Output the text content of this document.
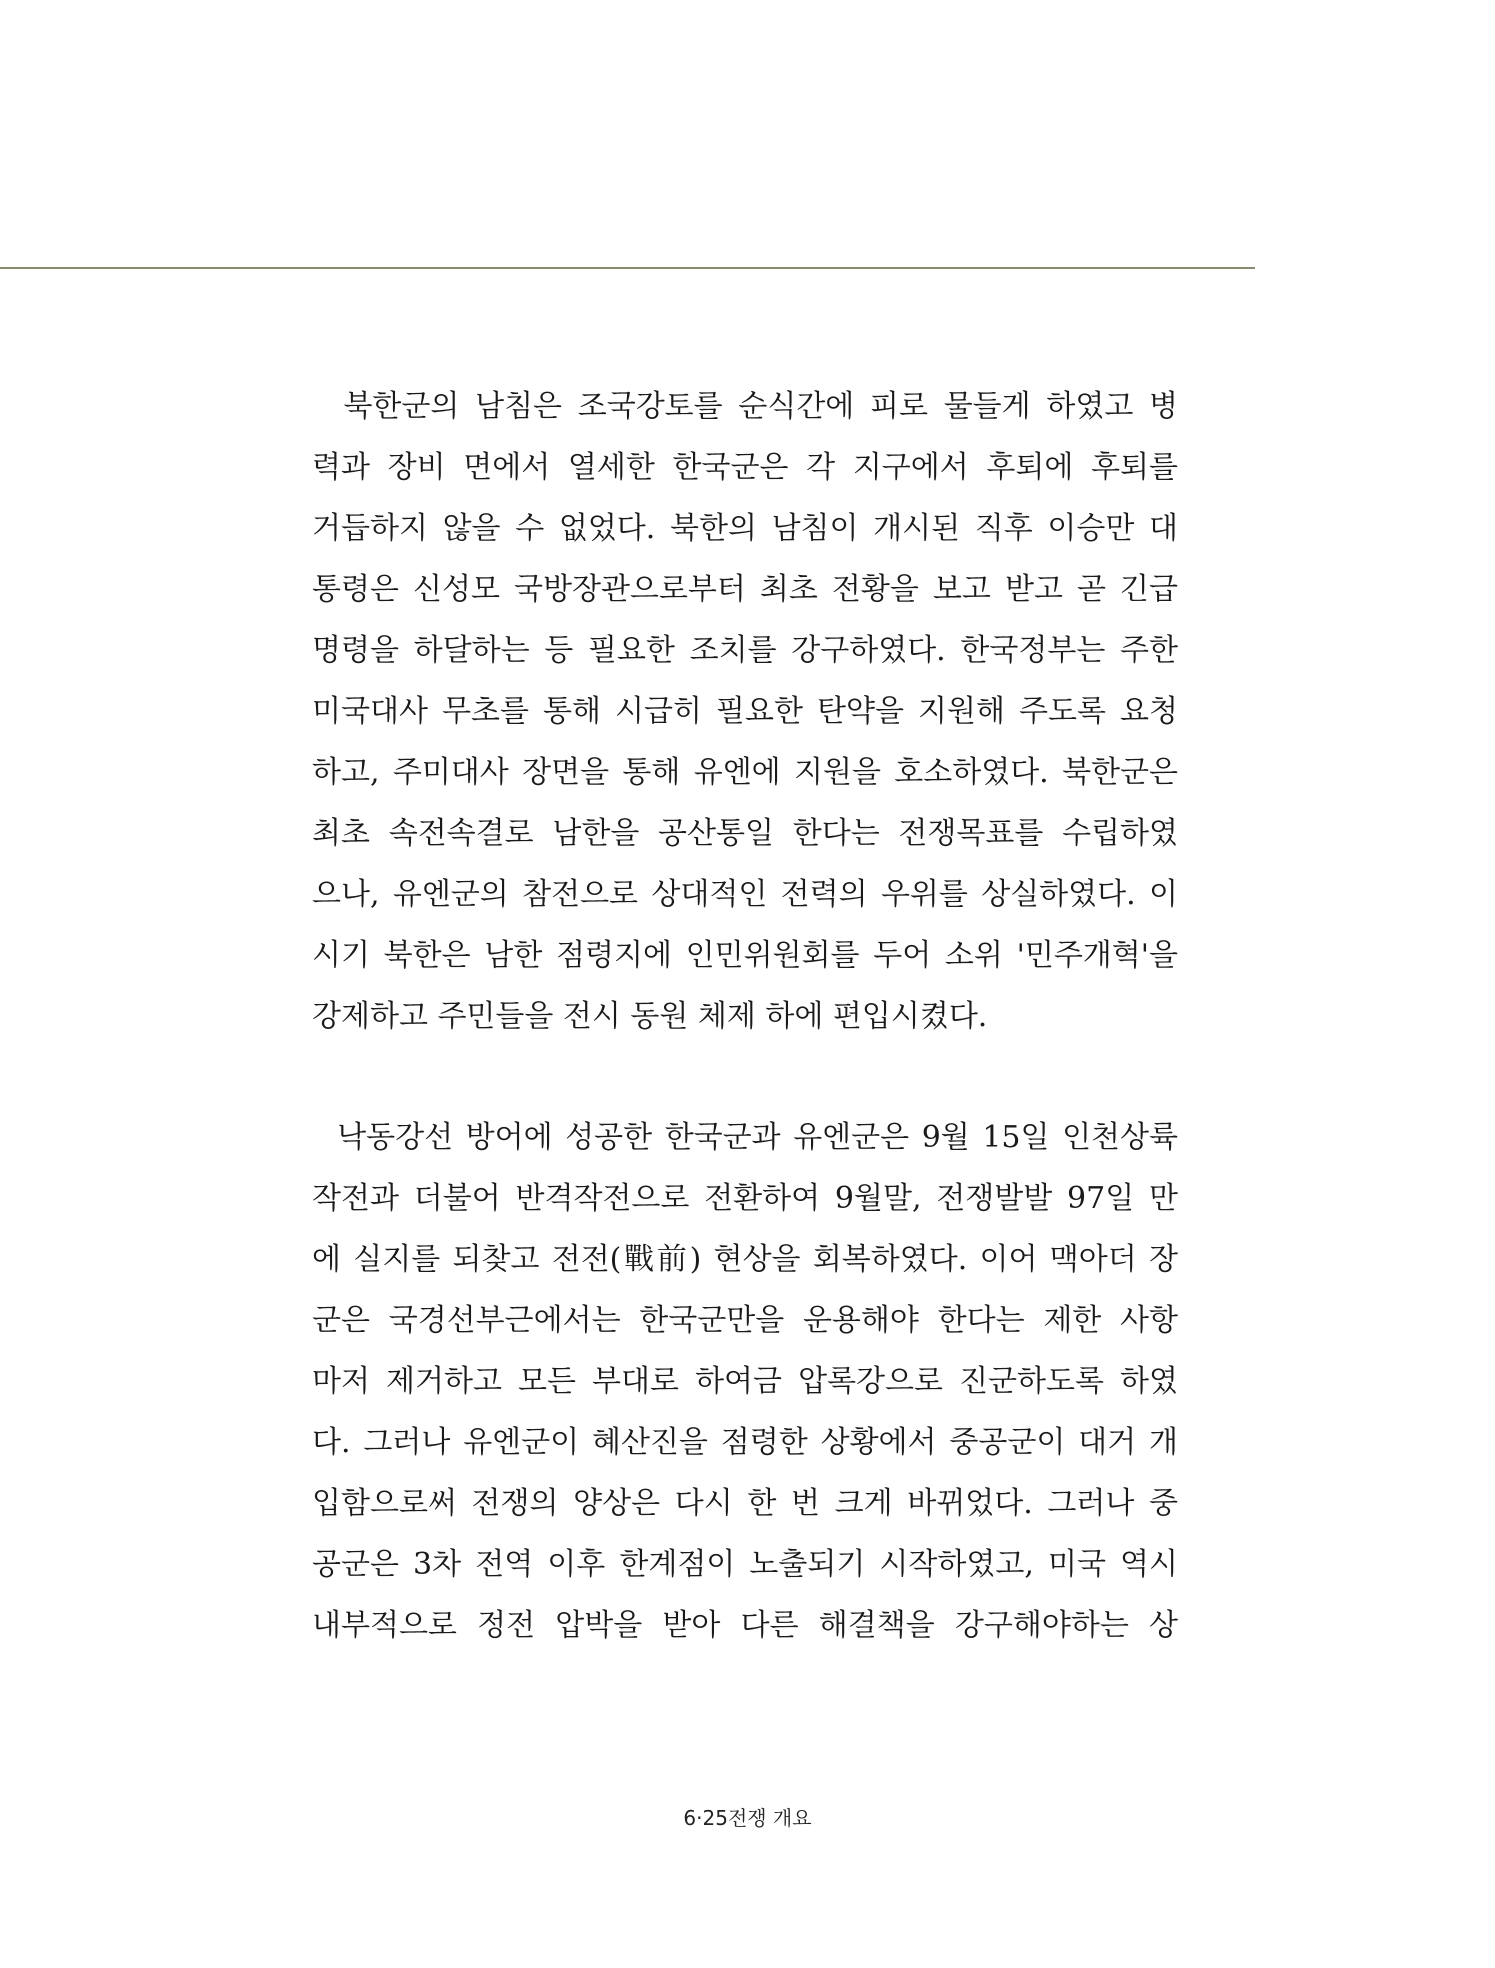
북한군의 남침은 조국강토를 순식간에 피로 물들게 하였고 병
력과 장비 면에서 열세한 한국군은 각 지구에서 후퇴에 후퇴를
거듭하지 않을 수 없었다. 북한의 남침이 개시된 직후 이승만 대
통령은 신성모 국방장관으로부터 최초 전황을 보고 받고 곧 긴급
명령을 하달하는 등 필요한 조치를 강구하였다. 한국정부는 주한
미국대사 무초를 통해 시급히 필요한 탄약을 지원해 주도록 요청
하고, 주미대사 장면을 통해 유엔에 지원을 호소하였다. 북한군은
최초 속전속결로 남한을 공산통일 한다는 전쟁목표를 수립하였
으나, 유엔군의 참전으로 상대적인 전력의 우위를 상실하였다. 이
시기 북한은 남한 점령지에 인민위원회를 두어 소위 '민주개혁'을
강제하고 주민들을 전시 동원 체제 하에 편입시켰다.

낙동강선 방어에 성공한 한국군과 유엔군은 9월 15일 인천상륙
작전과 더불어 반격작전으로 전환하여 9월말, 전쟁발발 97일 만
에 실지를 되찾고 전전(戰前) 현상을 회복하였다. 이어 맥아더 장
군은 국경선부근에서는 한국군만을 운용해야 한다는 제한 사항
마저 제거하고 모든 부대로 하여금 압록강으로 진군하도록 하였
다. 그러나 유엔군이 혜산진을 점령한 상황에서 중공군이 대거 개
입함으로써 전쟁의 양상은 다시 한 번 크게 바뀌었다. 그러나 중
공군은 3차 전역 이후 한계점이 노출되기 시작하였고, 미국 역시
내부적으로 정전 압박을 받아 다른 해결책을 강구해야하는 상

6·25전쟁 개요
